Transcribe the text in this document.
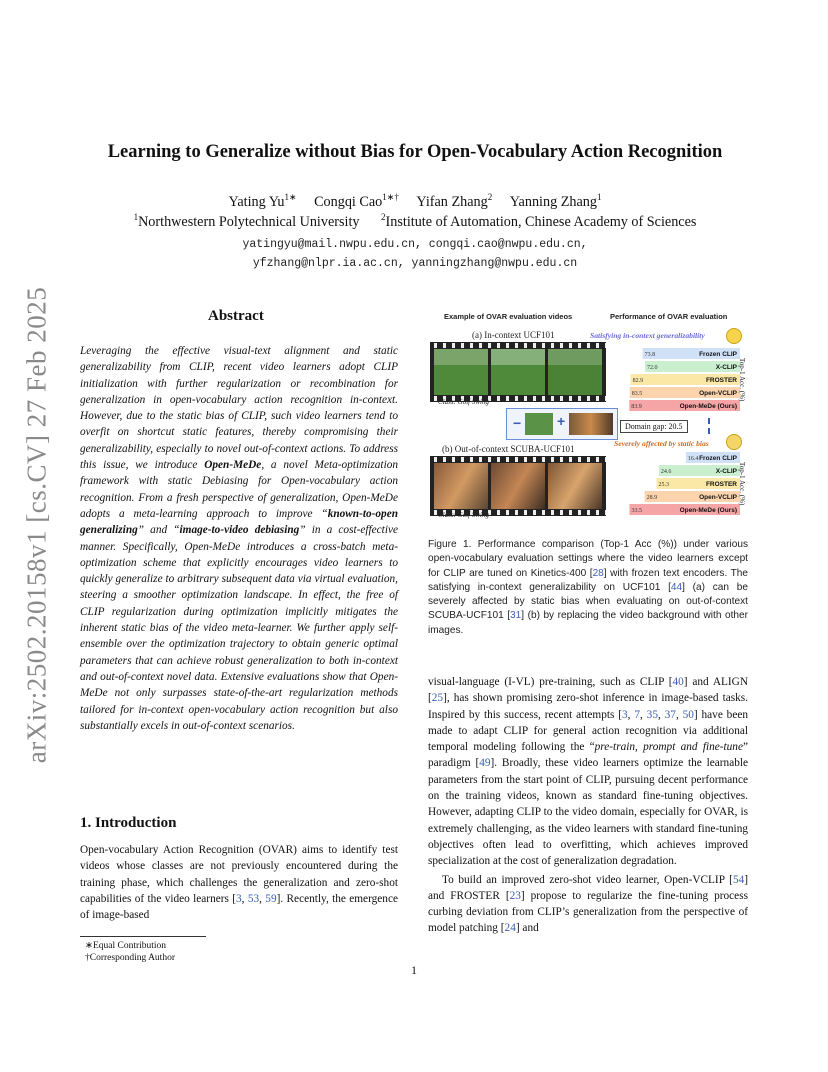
arXiv:2502.20158v1 [cs.CV] 27 Feb 2025
Learning to Generalize without Bias for Open-Vocabulary Action Recognition
Yating $Yu^{1∗}$ Congqi Cao$^{1∗\dagger}$ Yifan Zhang$^2$ Yanning Zhang$^1$
$^1$Northwestern Polytechnical University $^2$Institute of Automation, Chinese Academy of Sciences
yatingyu@mail.nwpu.edu.cn, congqi.cao@nwpu.edu.cn,
yfzhang@nlpr.ia.ac.cn, yanningzhang@nwpu.edu.cn
Abstract
Leveraging the effective visual-text alignment and static generalizability from CLIP, recent video learners adopt CLIP initialization with further regularization or recombination for generalization in open-vocabulary action recognition in-context. However, due to the static bias of CLIP, such video learners tend to overfit on shortcut static features, thereby compromising their generalizability, especially to novel out-of-context actions. To address this issue, we introduce Open-MeDe, a novel Meta-optimization framework with static Debiasing for Open-vocabulary action recognition. From a fresh perspective of generalization, Open-MeDe adopts a meta-learning approach to improve “known-to-open generalizing” and “image-to-video debiasing” in a cost-effective manner. Specifically, Open-MeDe introduces a cross-batch meta-optimization scheme that explicitly encourages video learners to quickly generalize to arbitrary subsequent data via virtual evaluation, steering a smoother optimization landscape. In effect, the free of CLIP regularization during optimization implicitly mitigates the inherent static bias of the video meta-learner. We further apply self-ensemble over the optimization trajectory to obtain generic optimal parameters that can achieve robust generalization to both in-context and out-of-context novel data. Extensive evaluations show that Open-MeDe not only surpasses state-of-the-art regularization methods tailored for in-context open-vocabulary action recognition but also substantially excels in out-of-context scenarios.
1. Introduction
Open-vocabulary Action Recognition (OVAR) aims to identify test videos whose classes are not previously encountered during the training phase, which challenges the generalization and zero-shot capabilities of the video learners [3, 53, 59]. Recently, the emergence of image-based
∗Equal Contribution
†Corresponding Author
Example of OVAR evaluation videos	Performance of OVAR evaluation
(a) In-context UCF101	Satisfying in-context generalizability
Class: Golf Swing
73.8	Frozen CLIP
72.0	X-CLIP
82.9	FROSTER
83.5	Open-VCLIP
83.9	Open-MeDe (Ours)
Top-1 Acc. (%)
−	+	Domain gap: 20.5
(b) Out-of-context SCUBA-UCF101
Severely affected by static bias
Class: Golf Swing
16.4 Frozen CLIP
24.6	X-CLIP
25.3	FROSTER
28.9	Open-VCLIP
33.5	Open-MeDe (Ours)
Top-1 Acc. (%)
Figure 1. Performance comparison (Top-1 Acc (%)) under various open-vocabulary evaluation settings where the video learners except for CLIP are tuned on Kinetics-400 [28] with frozen text encoders. The satisfying in-context generalizability on UCF101 [44] (a) can be severely affected by static bias when evaluating on out-of-context SCUBA-UCF101 [31] (b) by replacing the video background with other images.

visual-language (I-VL) pre-training, such as CLIP [40] and ALIGN [25], has shown promising zero-shot inference in image-based tasks. Inspired by this success, recent attempts [3, 7, 35, 37, 50] have been made to adapt CLIP for general action recognition via additional temporal modeling following the “pre-train, prompt and fine-tune” paradigm [49]. Broadly, these video learners optimize the learnable parameters from the start point of CLIP, pursuing decent performance on the training videos, known as standard fine-tuning objectives. However, adapting CLIP to the video domain, especially for OVAR, is extremely challenging, as the video learners with standard fine-tuning objectives often lead to overfitting, which achieves improved specialization at the cost of generalization degradation.

To build an improved zero-shot video learner, Open-VCLIP [54] and FROSTER [23] propose to regularize the fine-tuning process curbing deviation from CLIP’s generalization from the perspective of model patching [24] and

1
